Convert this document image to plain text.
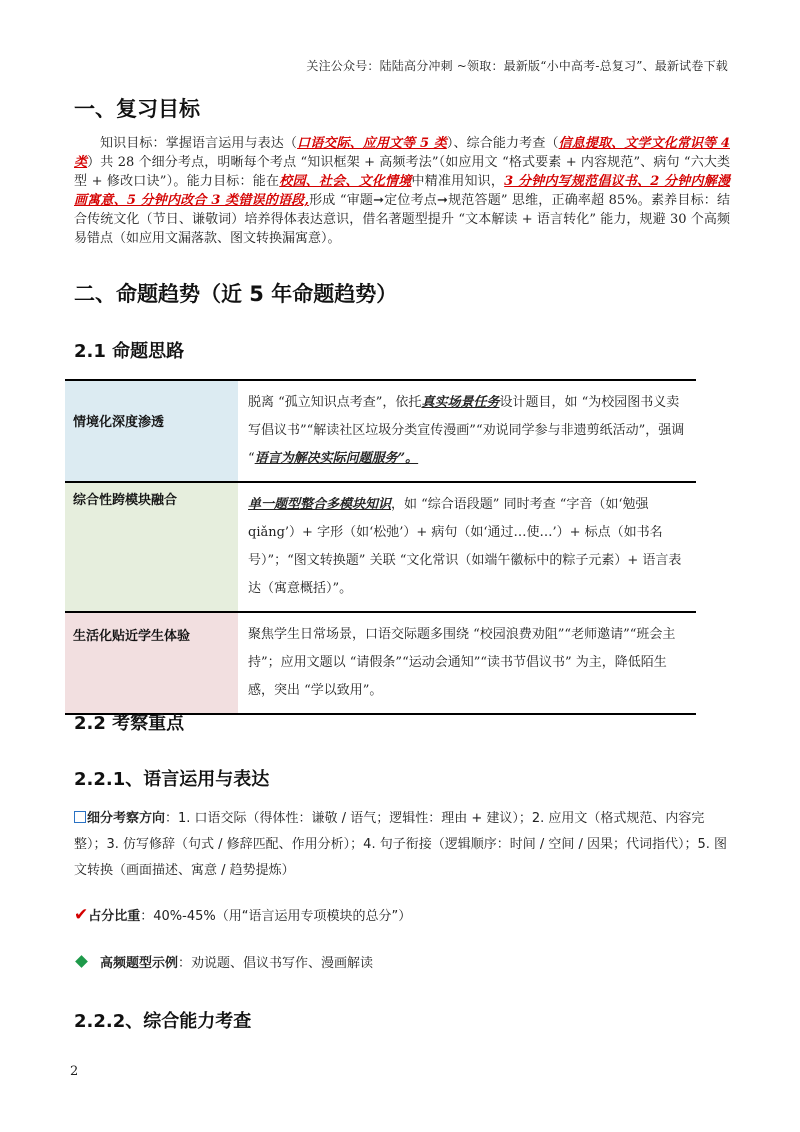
关注公众号：陆陆高分冲刺 ~领取：最新版“小中高考-总复习”、最新试卷下载
一、复习目标
知识目标：掌握语言运用与表达（口语交际、应用文等 5 类）、综合能力考查（信息提取、文学文化常识等 4 类）共 28 个细分考点，明晰每个考点 “知识框架 + 高频考法”（如应用文 “格式要素 + 内容规范”、病句 “六大类型 + 修改口诀”）。能力目标：能在校园、社会、文化情境中精准用知识，3 分钟内写规范倡议书、2 分钟内解漫画寓意、5 分钟内改合 3 类错误的语段,形成 “审题➞定位考点➞规范答题” 思维，正确率超 85%。素养目标：结合传统文化（节日、谦敬词）培养得体表达意识，借名著题型提升 “文本解读 + 语言转化” 能力，规避 30 个高频易错点（如应用文漏落款、图文转换漏寓意）。
二、命题趋势（近 5 年命题趋势）
2.1 命题思路
情境化深度渗透	脱离 “孤立知识点考查”，依托真实场景任务设计题目，如 “为校园图书义卖写倡议书”“解读社区垃圾分类宣传漫画”“劝说同学参与非遗剪纸活动”，强调 “语言为解决实际问题服务”。
综合性跨模块融合	单一题型整合多模块知识，如 “综合语段题” 同时考查 “字音（如‘勉强 qiǎng’）+ 字形（如‘松弛’）+ 病句（如‘通过…使…’）+ 标点（如书名号）”；“图文转换题” 关联 “文化常识（如端午徽标中的粽子元素）+ 语言表达（寓意概括）”。
生活化贴近学生体验	聚焦学生日常场景，口语交际题多围绕 “校园浪费劝阻”“老师邀请”“班会主持”；应用文题以 “请假条”“运动会通知”“读书节倡议书” 为主，降低陌生感，突出 “学以致用”。
2.2 考察重点
2.2.1、语言运用与表达
细分考察方向：1. 口语交际（得体性：谦敬 / 语气；逻辑性：理由 + 建议）；2. 应用文（格式规范、内容完整）；3. 仿写修辞（句式 / 修辞匹配、作用分析）；4. 句子衔接（逻辑顺序：时间 / 空间 / 因果；代词指代）；5. 图文转换（画面描述、寓意 / 趋势提炼）
✔占分比重：40%-45%（用“语言运用专项模块的总分”）
高频题型示例：劝说题、倡议书写作、漫画解读
2.2.2、综合能力考查
2
